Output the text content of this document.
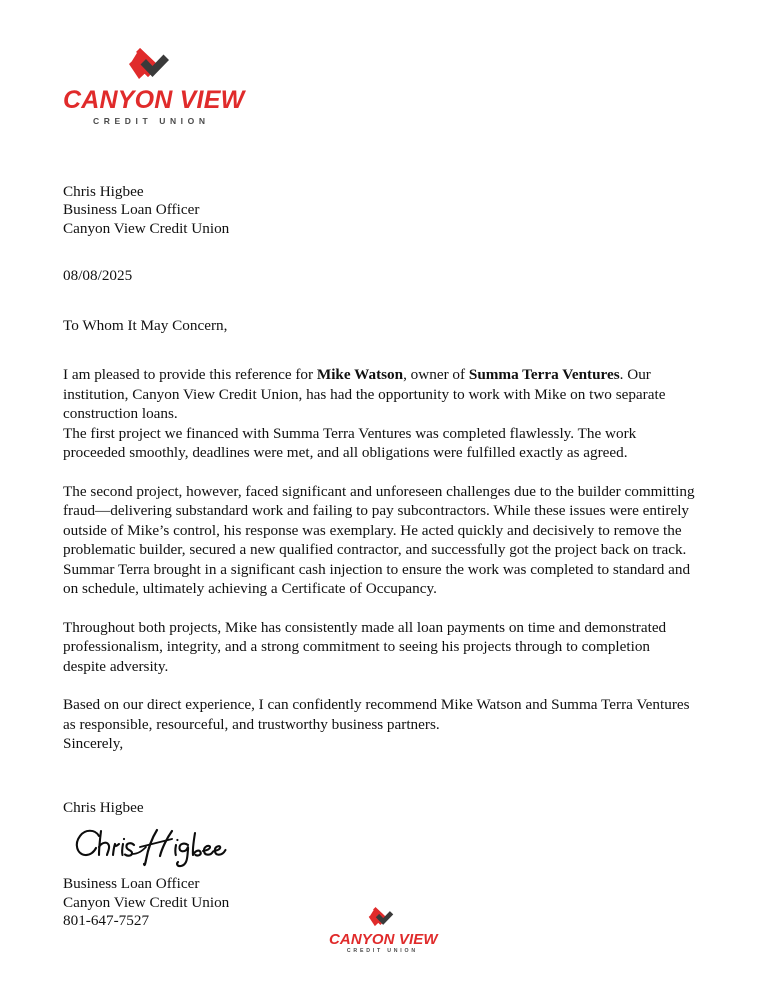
CANYON VIEW
CREDIT UNION
Chris Higbee
Business Loan Officer
Canyon View Credit Union
08/08/2025
To Whom It May Concern,

I am pleased to provide this reference for Mike Watson, owner of Summa Terra Ventures. Our institution, Canyon View Credit Union, has had the opportunity to work with Mike on two separate construction loans.
The first project we financed with Summa Terra Ventures was completed flawlessly. The work proceeded smoothly, deadlines were met, and all obligations were fulfilled exactly as agreed.

The second project, however, faced significant and unforeseen challenges due to the builder committing fraud—delivering substandard work and failing to pay subcontractors. While these issues were entirely outside of Mike’s control, his response was exemplary. He acted quickly and decisively to remove the problematic builder, secured a new qualified contractor, and successfully got the project back on track. Summar Terra brought in a significant cash injection to ensure the work was completed to standard and on schedule, ultimately achieving a Certificate of Occupancy.

Throughout both projects, Mike has consistently made all loan payments on time and demonstrated professionalism, integrity, and a strong commitment to seeing his projects through to completion despite adversity.

Based on our direct experience, I can confidently recommend Mike Watson and Summa Terra Ventures as responsible, resourceful, and trustworthy business partners.
Sincerely,

Chris Higbee
Business Loan Officer
Canyon View Credit Union
801-647-7527
CANYON VIEW
CREDIT UNION
